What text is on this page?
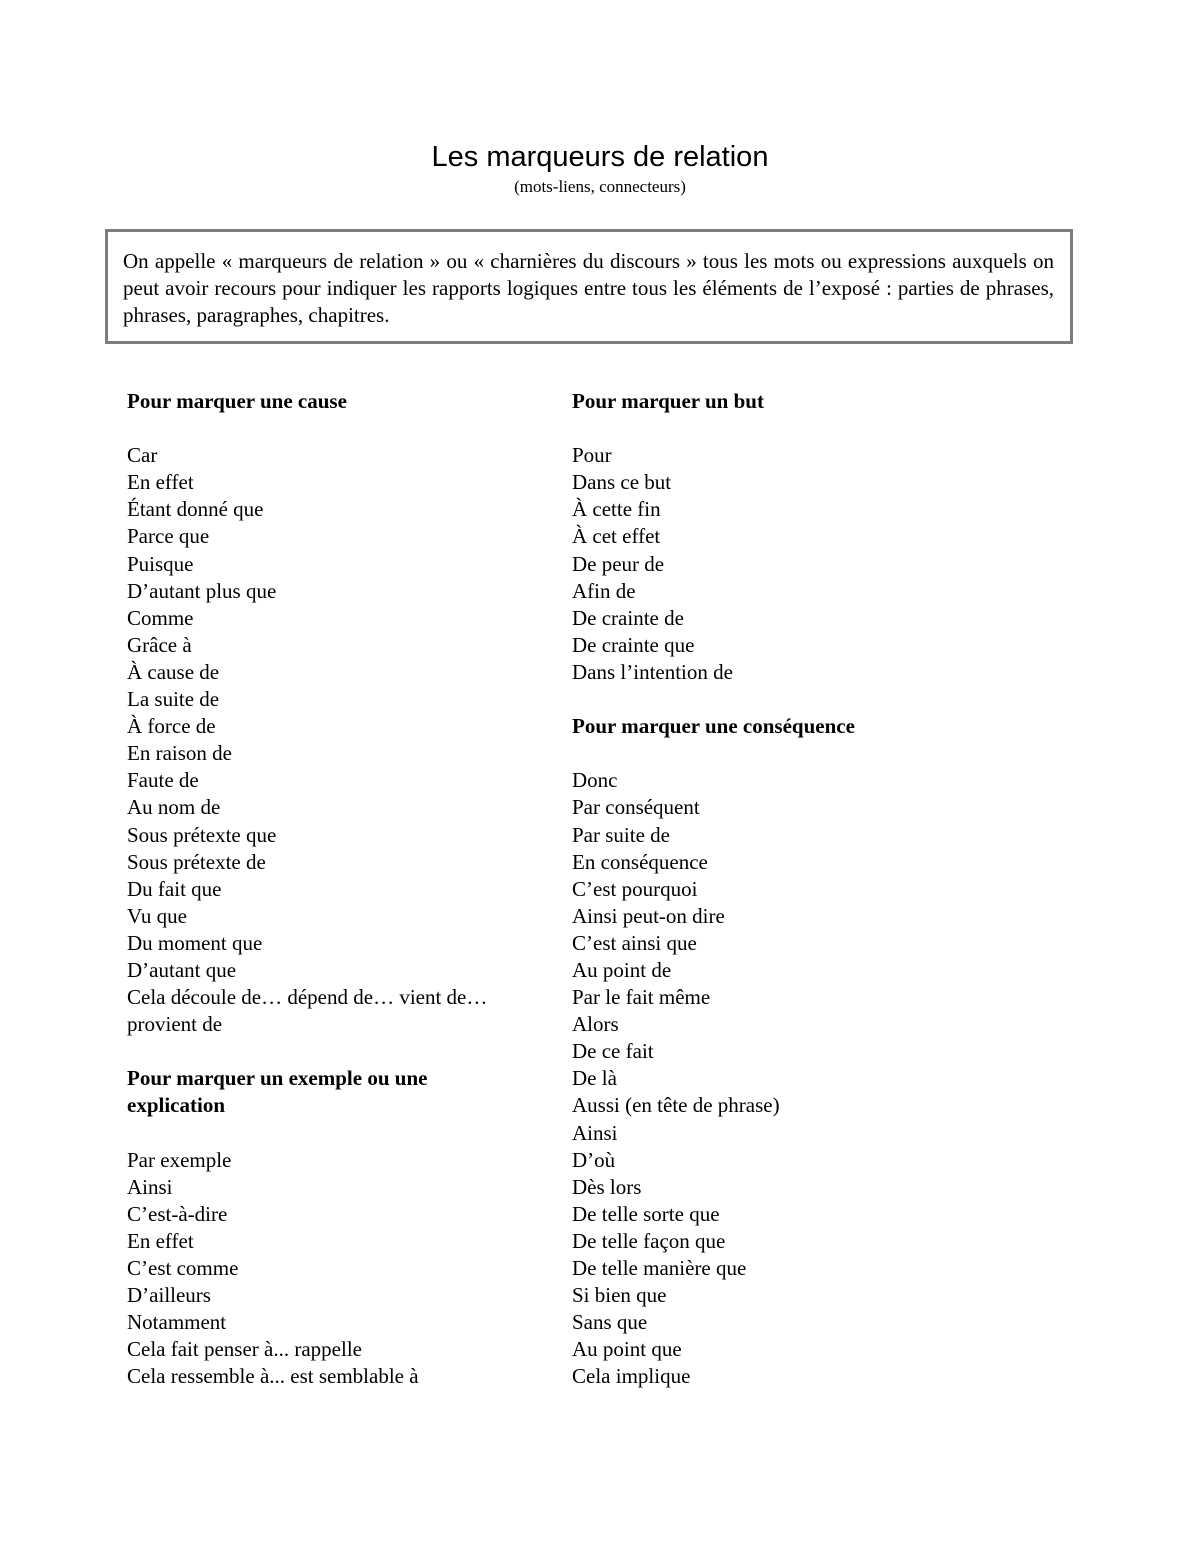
Les marqueurs de relation
(mots-liens, connecteurs)

On appelle « marqueurs de relation » ou « charnières du discours » tous les mots ou expressions auxquels on peut avoir recours pour indiquer les rapports logiques entre tous les éléments de l’exposé : parties de phrases, phrases, paragraphes, chapitres.

Pour marquer une cause

Car
En effet
Étant donné que
Parce que
Puisque
D’autant plus que
Comme
Grâce à
À cause de
La suite de
À force de
En raison de
Faute de
Au nom de
Sous prétexte que
Sous prétexte de
Du fait que
Vu que
Du moment que
D’autant que
Cela découle de… dépend de… vient de…
provient de

Pour marquer un exemple ou une
explication

Par exemple
Ainsi
C’est-à-dire
En effet
C’est comme
D’ailleurs
Notamment
Cela fait penser à... rappelle
Cela ressemble à... est semblable à

Pour marquer un but

Pour
Dans ce but
À cette fin
À cet effet
De peur de
Afin de
De crainte de
De crainte que
Dans l’intention de

Pour marquer une conséquence

Donc
Par conséquent
Par suite de
En conséquence
C’est pourquoi
Ainsi peut-on dire
C’est ainsi que
Au point de
Par le fait même
Alors
De ce fait
De là
Aussi (en tête de phrase)
Ainsi
D’où
Dès lors
De telle sorte que
De telle façon que
De telle manière que
Si bien que
Sans que
Au point que
Cela implique
